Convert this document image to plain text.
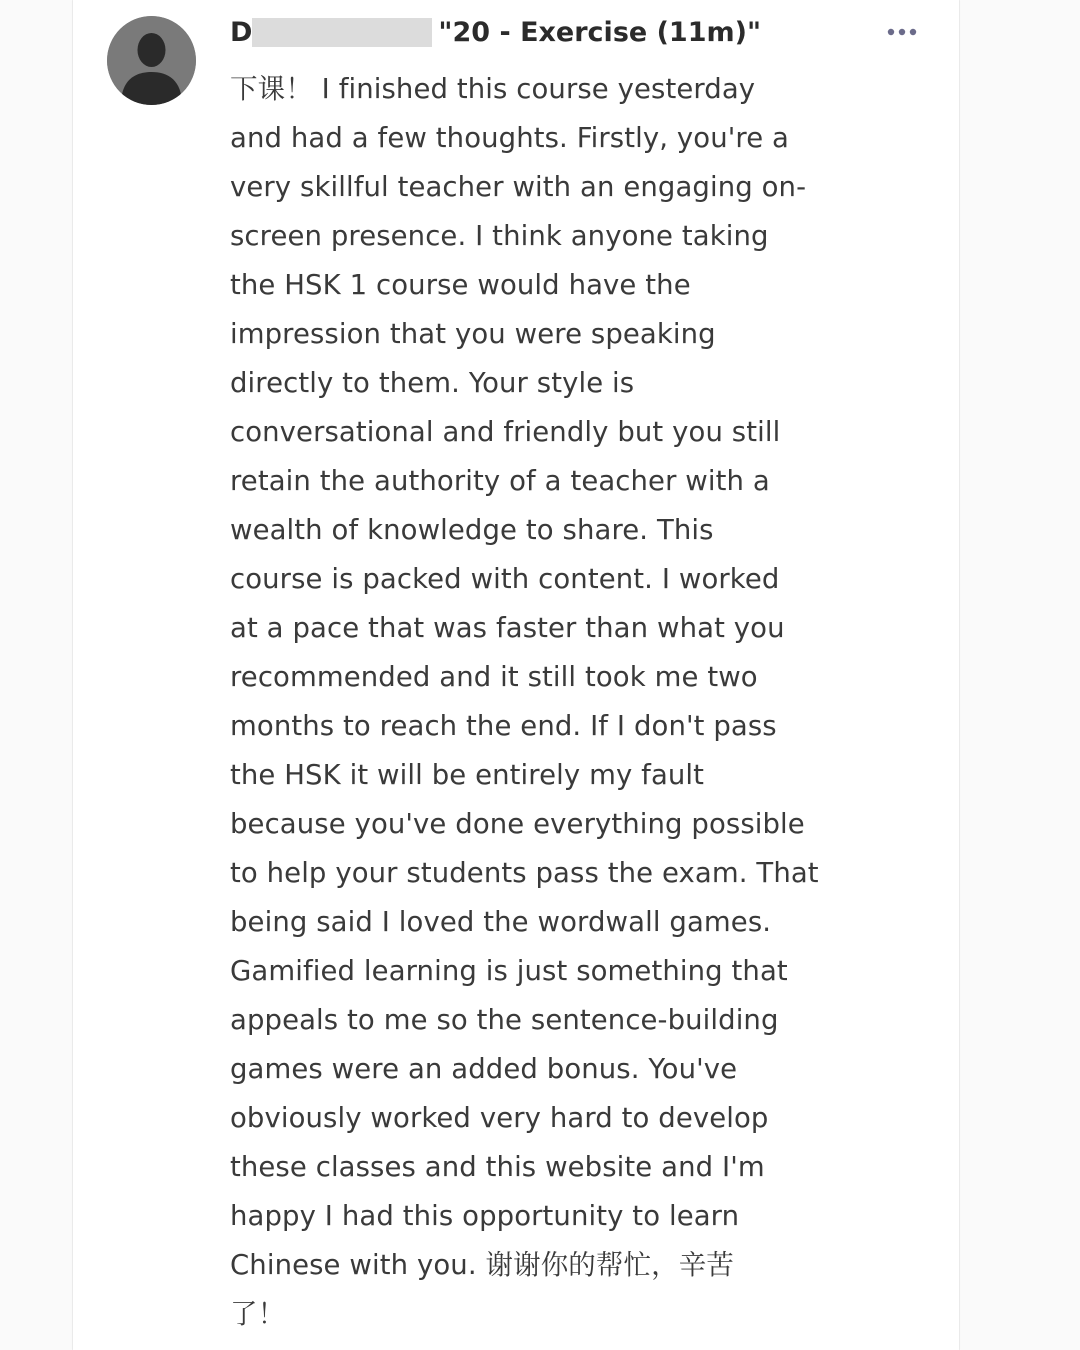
D	"20 - Exercise (11m)"

下课！ I finished this course yesterday
and had a few thoughts. Firstly, you're a
very skillful teacher with an engaging on-
screen presence. I think anyone taking
the HSK 1 course would have the
impression that you were speaking
directly to them. Your style is
conversational and friendly but you still
retain the authority of a teacher with a
wealth of knowledge to share. This
course is packed with content. I worked
at a pace that was faster than what you
recommended and it still took me two
months to reach the end. If I don't pass
the HSK it will be entirely my fault
because you've done everything possible
to help your students pass the exam. That
being said I loved the wordwall games.
Gamified learning is just something that
appeals to me so the sentence-building
games were an added bonus. You've
obviously worked very hard to develop
these classes and this website and I'm
happy I had this opportunity to learn
Chinese with you. 谢谢你的帮忙，辛苦
了！
